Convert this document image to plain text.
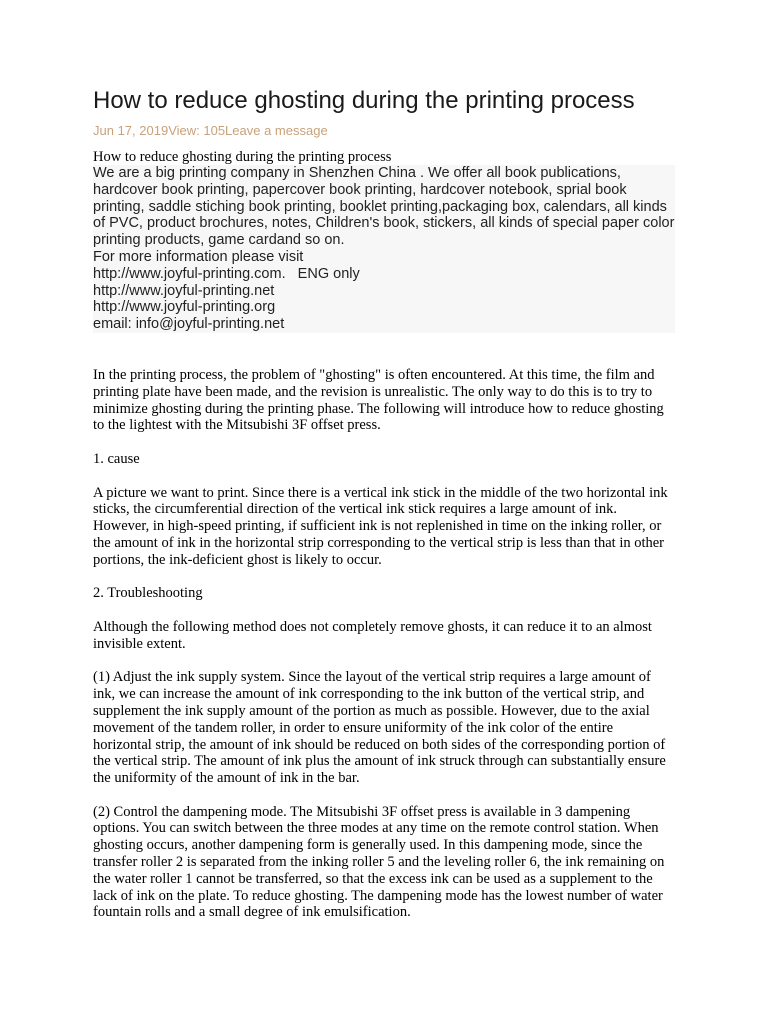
How to reduce ghosting during the printing process
Jun 17, 2019View: 105Leave a message
How to reduce ghosting during the printing process
We are a big printing company in Shenzhen China . We offer all book publications, hardcover book printing, papercover book printing, hardcover notebook, sprial book printing, saddle stiching book printing, booklet printing,packaging box, calendars, all kinds of PVC, product brochures, notes, Children's book, stickers, all kinds of special paper color printing products, game cardand so on.
For more information please visit
http://www.joyful-printing.com.   ENG only
http://www.joyful-printing.net
http://www.joyful-printing.org
email: info@joyful-printing.net

In the printing process, the problem of "ghosting" is often encountered. At this time, the film and printing plate have been made, and the revision is unrealistic. The only way to do this is to try to minimize ghosting during the printing phase. The following will introduce how to reduce ghosting to the lightest with the Mitsubishi 3F offset press.

1. cause

A picture we want to print. Since there is a vertical ink stick in the middle of the two horizontal ink sticks, the circumferential direction of the vertical ink stick requires a large amount of ink. However, in high-speed printing, if sufficient ink is not replenished in time on the inking roller, or the amount of ink in the horizontal strip corresponding to the vertical strip is less than that in other portions, the ink-deficient ghost is likely to occur.

2. Troubleshooting

Although the following method does not completely remove ghosts, it can reduce it to an almost invisible extent.

(1) Adjust the ink supply system. Since the layout of the vertical strip requires a large amount of ink, we can increase the amount of ink corresponding to the ink button of the vertical strip, and supplement the ink supply amount of the portion as much as possible. However, due to the axial movement of the tandem roller, in order to ensure uniformity of the ink color of the entire horizontal strip, the amount of ink should be reduced on both sides of the corresponding portion of the vertical strip. The amount of ink plus the amount of ink struck through can substantially ensure the uniformity of the amount of ink in the bar.

(2) Control the dampening mode. The Mitsubishi 3F offset press is available in 3 dampening options. You can switch between the three modes at any time on the remote control station. When ghosting occurs, another dampening form is generally used. In this dampening mode, since the transfer roller 2 is separated from the inking roller 5 and the leveling roller 6, the ink remaining on the water roller 1 cannot be transferred, so that the excess ink can be used as a supplement to the lack of ink on the plate. To reduce ghosting. The dampening mode has the lowest number of water fountain rolls and a small degree of ink emulsification.
